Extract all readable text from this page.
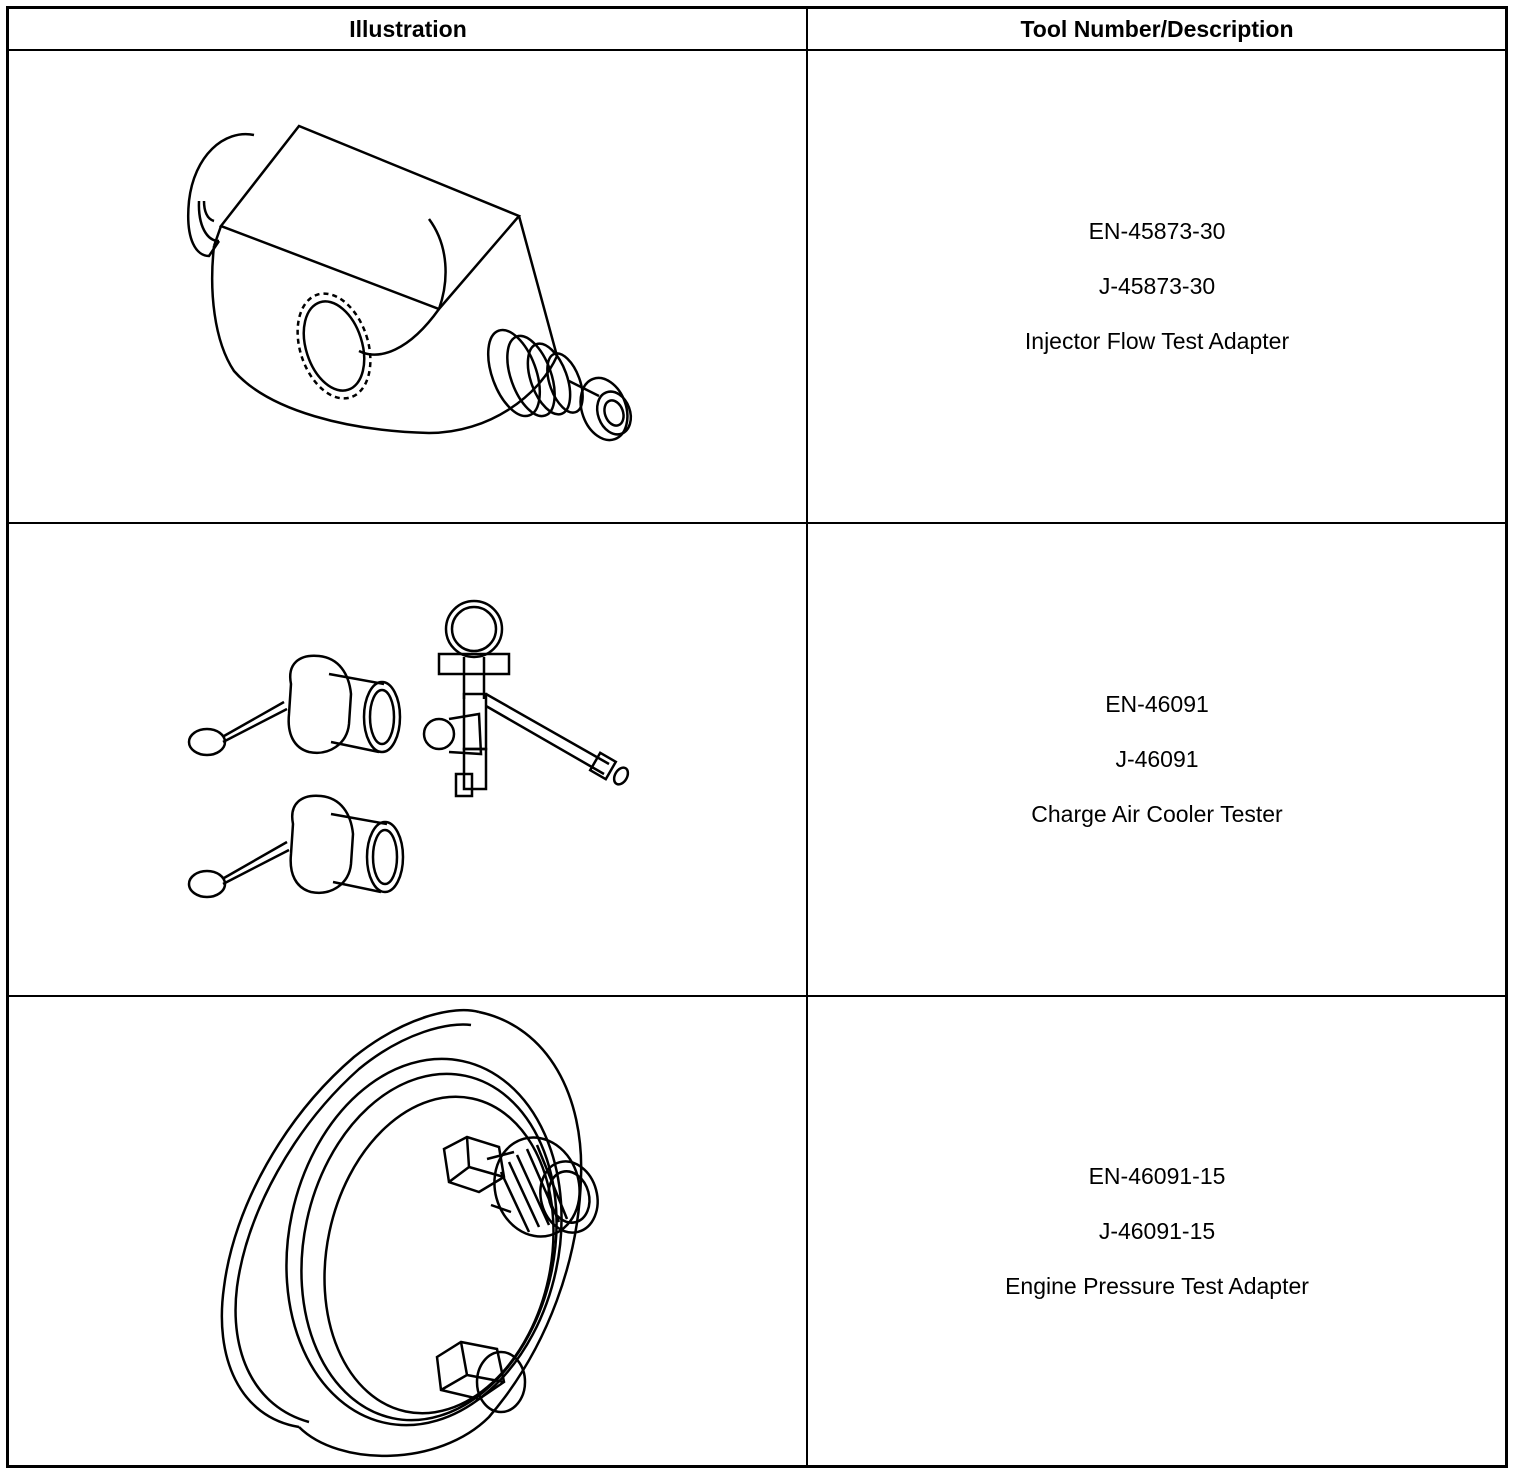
Illustration	Tool Number/Description
EN-45873-30
J-45873-30
Injector Flow Test Adapter
EN-46091
J-46091
Charge Air Cooler Tester
EN-46091-15
J-46091-15
Engine Pressure Test Adapter
